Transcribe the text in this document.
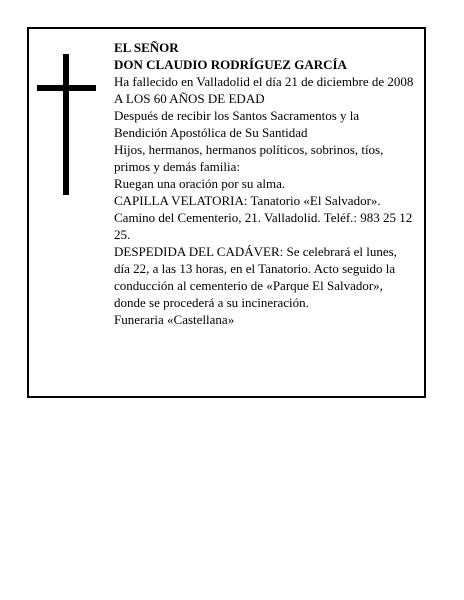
EL SEÑOR

DON CLAUDIO RODRÍGUEZ GARCÍA

Ha fallecido en Valladolid el día 21 de diciembre de 2008

A LOS 60 AÑOS DE EDAD

Después de recibir los Santos Sacramentos y la Bendición Apostólica de Su Santidad

Hijos, hermanos, hermanos políticos, sobrinos, tíos, primos y demás familia:

Ruegan una oración por su alma.

CAPILLA VELATORIA: Tanatorio «El Salvador». Camino del Cementerio, 21. Valladolid. Teléf.: 983 25 12 25.

DESPEDIDA DEL CADÁVER: Se celebrará el lunes, día 22, a las 13 horas, en el Tanatorio. Acto seguido la conducción al cementerio de «Parque El Salvador», donde se procederá a su incineración.

Funeraria «Castellana»
